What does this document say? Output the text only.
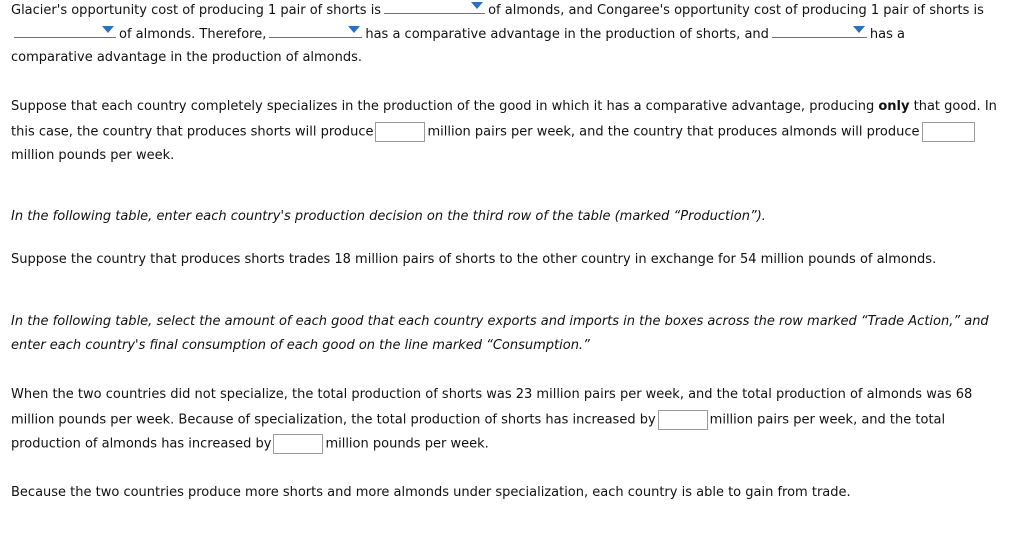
Glacier's opportunity cost of producing 1 pair of shorts is	of almonds, and Congaree's opportunity cost of producing 1 pair of shorts is
of almonds. Therefore,	has a comparative advantage in the production of shorts, and	has a
comparative advantage in the production of almonds.
Suppose that each country completely specializes in the production of the good in which it has a comparative advantage, producing only that good. In
this case, the country that produces shorts will produce	million pairs per week, and the country that produces almonds will produce
million pounds per week.
In the following table, enter each country's production decision on the third row of the table (marked “Production”).
Suppose the country that produces shorts trades 18 million pairs of shorts to the other country in exchange for 54 million pounds of almonds.
In the following table, select the amount of each good that each country exports and imports in the boxes across the row marked “Trade Action,” and
enter each country's final consumption of each good on the line marked “Consumption.”
When the two countries did not specialize, the total production of shorts was 23 million pairs per week, and the total production of almonds was 68
million pounds per week. Because of specialization, the total production of shorts has increased by	million pairs per week, and the total
production of almonds has increased by	million pounds per week.
Because the two countries produce more shorts and more almonds under specialization, each country is able to gain from trade.
